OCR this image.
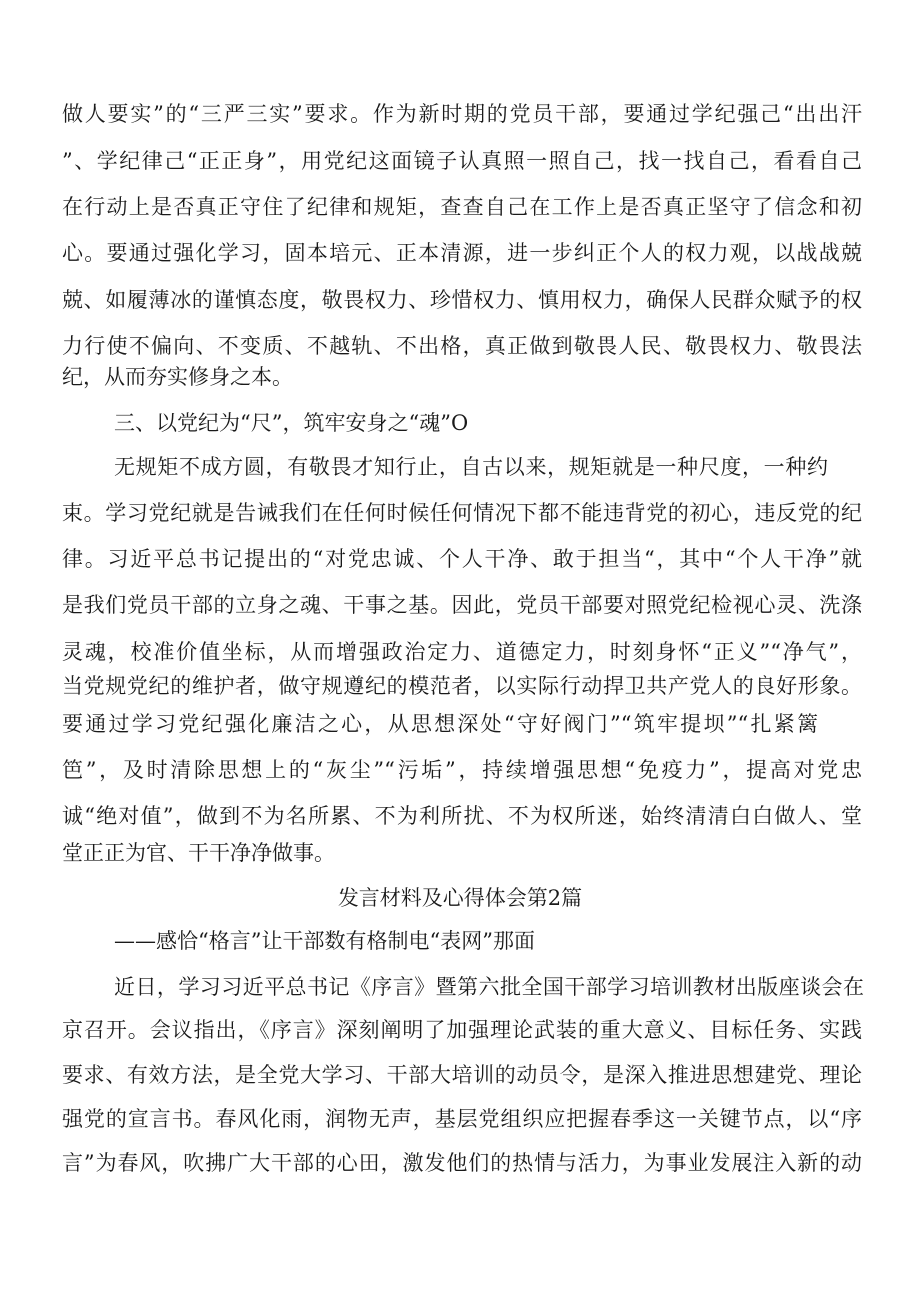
做人要实”的“三严三实”要求。作为新时期的党员干部，要通过学纪强己“出出汗
”、学纪律己“正正身”，用党纪这面镜子认真照一照自己，找一找自己，看看自己
在行动上是否真正守住了纪律和规矩，查查自己在工作上是否真正坚守了信念和初
心。要通过强化学习，固本培元、正本清源，进一步纠正个人的权力观，以战战兢
兢、如履薄冰的谨慎态度，敬畏权力、珍惜权力、慎用权力，确保人民群众赋予的权
力行使不偏向、不变质、不越轨、不出格，真正做到敬畏人民、敬畏权力、敬畏法
纪，从而夯实修身之本。
三、以党纪为“尺”，筑牢安身之“魂”O
无规矩不成方圆，有敬畏才知行止，自古以来，规矩就是一种尺度，一种约
束。学习党纪就是告诫我们在任何时候任何情况下都不能违背党的初心，违反党的纪
律。习近平总书记提出的“对党忠诚、个人干净、敢于担当“，其中“个人干净”就
是我们党员干部的立身之魂、干事之基。因此，党员干部要对照党纪检视心灵、洗涤
灵魂，校准价值坐标，从而增强政治定力、道德定力，时刻身怀“正义”“净气”，
当党规党纪的维护者，做守规遵纪的模范者，以实际行动捍卫共产党人的良好形象。
要通过学习党纪强化廉洁之心，从思想深处“守好阀门”“筑牢提坝”“扎紧篱
笆”，及时清除思想上的“灰尘”“污垢”，持续增强思想“免疫力”，提高对党忠
诚“绝对值”，做到不为名所累、不为利所扰、不为权所迷，始终清清白白做人、堂
堂正正为官、干干净净做事。
发言材料及心得体会第2篇
——感恰“格言”让干部数有格制电“表网”那面
近日，学习习近平总书记《序言》暨第六批全国干部学习培训教材出版座谈会在
京召开。会议指出，《序言》深刻阐明了加强理论武装的重大意义、目标任务、实践
要求、有效方法，是全党大学习、干部大培训的动员令，是深入推进思想建党、理论
强党的宣言书。春风化雨，润物无声，基层党组织应把握春季这一关键节点，以“序
言”为春风，吹拂广大干部的心田，激发他们的热情与活力，为事业发展注入新的动
